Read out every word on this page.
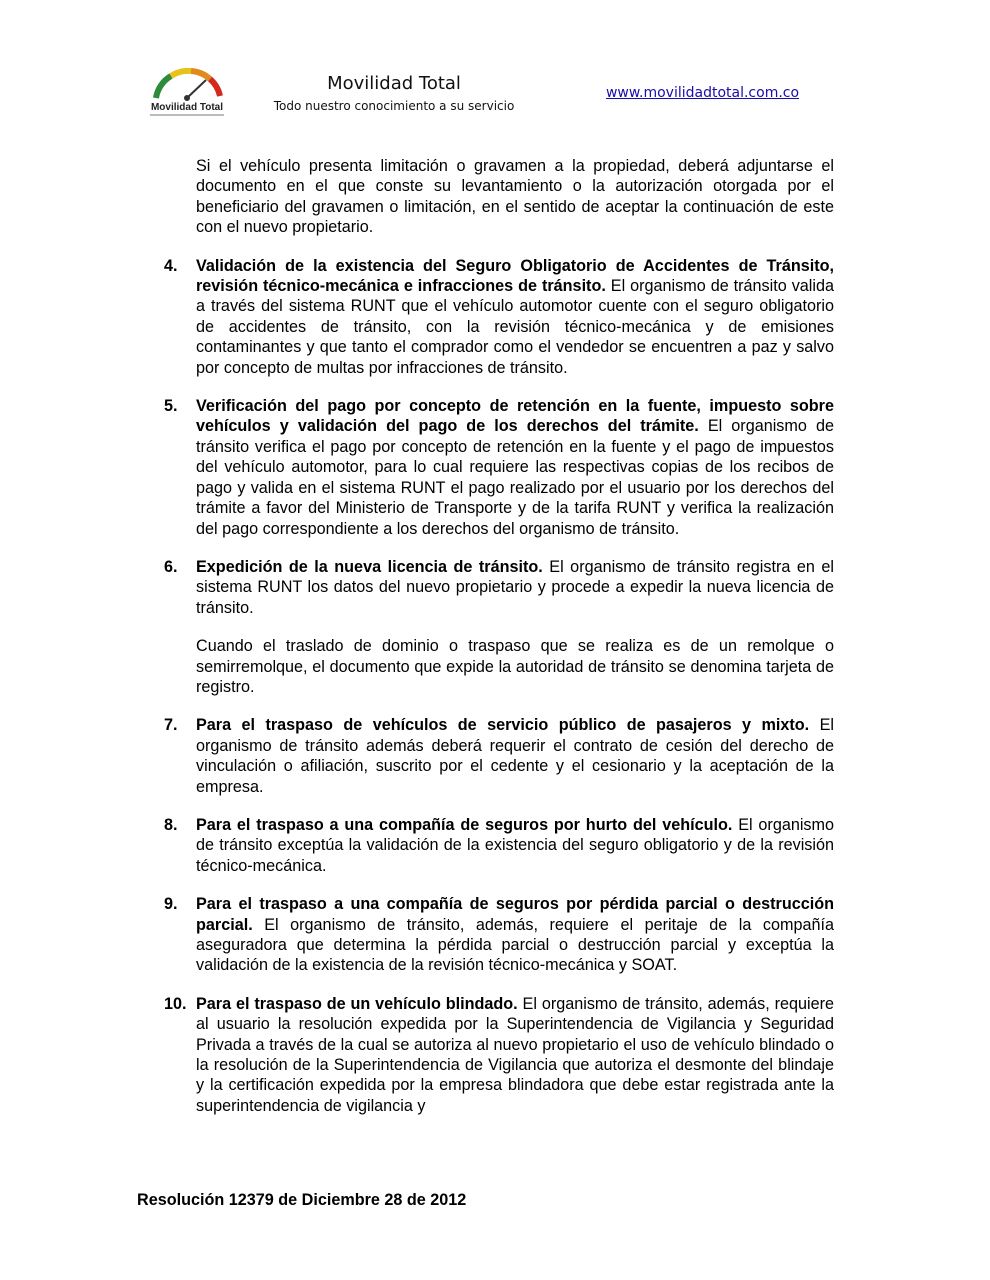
Movilidad Total
Movilidad Total
Todo nuestro conocimiento a su servicio
www.movilidadtotal.com.co
Si el vehículo presenta limitación o gravamen a la propiedad, deberá adjuntarse el documento en el que conste su levantamiento o la autorización otorgada por el beneficiario del gravamen o limitación, en el sentido de aceptar la continuación de este con el nuevo propietario.
4.	Validación de la existencia del Seguro Obligatorio de Accidentes de Tránsito, revisión técnico-mecánica e infracciones de tránsito. El organismo de tránsito valida a través del sistema RUNT que el vehículo automotor cuente con el seguro obligatorio de accidentes de tránsito, con la revisión técnico-mecánica y de emisiones contaminantes y que tanto el comprador como el vendedor se encuentren a paz y salvo por concepto de multas por infracciones de tránsito.
5.	Verificación del pago por concepto de retención en la fuente, impuesto sobre vehículos y validación del pago de los derechos del trámite. El organismo de tránsito verifica el pago por concepto de retención en la fuente y el pago de impuestos del vehículo automotor, para lo cual requiere las respectivas copias de los recibos de pago y valida en el sistema RUNT el pago realizado por el usuario por los derechos del trámite a favor del Ministerio de Transporte y de la tarifa RUNT y verifica la realización del pago correspondiente a los derechos del organismo de tránsito.
6.	Expedición de la nueva licencia de tránsito. El organismo de tránsito registra en el sistema RUNT los datos del nuevo propietario y procede a expedir la nueva licencia de tránsito.
Cuando el traslado de dominio o traspaso que se realiza es de un remolque o semirremolque, el documento que expide la autoridad de tránsito se denomina tarjeta de registro.
7.	Para el traspaso de vehículos de servicio público de pasajeros y mixto. El organismo de tránsito además deberá requerir el contrato de cesión del derecho de vinculación o afiliación, suscrito por el cedente y el cesionario y la aceptación de la empresa.
8.	Para el traspaso a una compañía de seguros por hurto del vehículo. El organismo de tránsito exceptúa la validación de la existencia del seguro obligatorio y de la revisión técnico-mecánica.
9.	Para el traspaso a una compañía de seguros por pérdida parcial o destrucción parcial. El organismo de tránsito, además, requiere el peritaje de la compañía aseguradora que determina la pérdida parcial o destrucción parcial y exceptúa la validación de la existencia de la revisión técnico-mecánica y SOAT.
10. Para el traspaso de un vehículo blindado. El organismo de tránsito, además, requiere al usuario la resolución expedida por la Superintendencia de Vigilancia y Seguridad Privada a través de la cual se autoriza al nuevo propietario el uso de vehículo blindado o la resolución de la Superintendencia de Vigilancia que autoriza el desmonte del blindaje y la certificación expedida por la empresa blindadora que debe estar registrada ante la superintendencia de vigilancia y
Resolución 12379 de Diciembre 28 de 2012
